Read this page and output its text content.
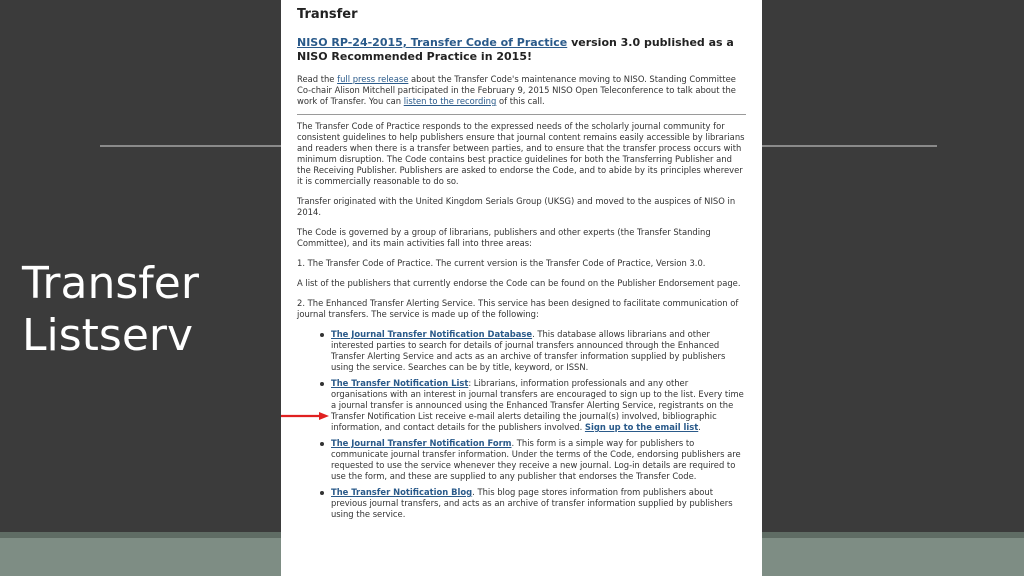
Transfer
Listserv
Transfer
NISO RP-24-2015, Transfer Code of Practice version 3.0 published as a NISO Recommended Practice in 2015!

Read the full press release about the Transfer Code's maintenance moving to NISO. Standing Committee Co-chair Alison Mitchell participated in the February 9, 2015 NISO Open Teleconference to talk about the work of Transfer. You can listen to the recording of this call.

The Transfer Code of Practice responds to the expressed needs of the scholarly journal community for consistent guidelines to help publishers ensure that journal content remains easily accessible by librarians and readers when there is a transfer between parties, and to ensure that the transfer process occurs with minimum disruption. The Code contains best practice guidelines for both the Transferring Publisher and the Receiving Publisher. Publishers are asked to endorse the Code, and to abide by its principles wherever it is commercially reasonable to do so.

Transfer originated with the United Kingdom Serials Group (UKSG) and moved to the auspices of NISO in 2014.

The Code is governed by a group of librarians, publishers and other experts (the Transfer Standing Committee), and its main activities fall into three areas:

1. The Transfer Code of Practice. The current version is the Transfer Code of Practice, Version 3.0.

A list of the publishers that currently endorse the Code can be found on the Publisher Endorsement page.

2. The Enhanced Transfer Alerting Service. This service has been designed to facilitate communication of journal transfers. The service is made up of the following:

The Journal Transfer Notification Database. This database allows librarians and other interested parties to search for details of journal transfers announced through the Enhanced Transfer Alerting Service and acts as an archive of transfer information supplied by publishers using the service. Searches can be by title, keyword, or ISSN.
The Transfer Notification List: Librarians, information professionals and any other organisations with an interest in journal transfers are encouraged to sign up to the list. Every time a journal transfer is announced using the Enhanced Transfer Alerting Service, registrants on the Transfer Notification List receive e-mail alerts detailing the journal(s) involved, bibliographic information, and contact details for the publishers involved. Sign up to the email list.
The Journal Transfer Notification Form. This form is a simple way for publishers to communicate journal transfer information. Under the terms of the Code, endorsing publishers are requested to use the service whenever they receive a new journal. Log-in details are required to use the form, and these are supplied to any publisher that endorses the Transfer Code.
The Transfer Notification Blog. This blog page stores information from publishers about previous journal transfers, and acts as an archive of transfer information supplied by publishers using the service.
